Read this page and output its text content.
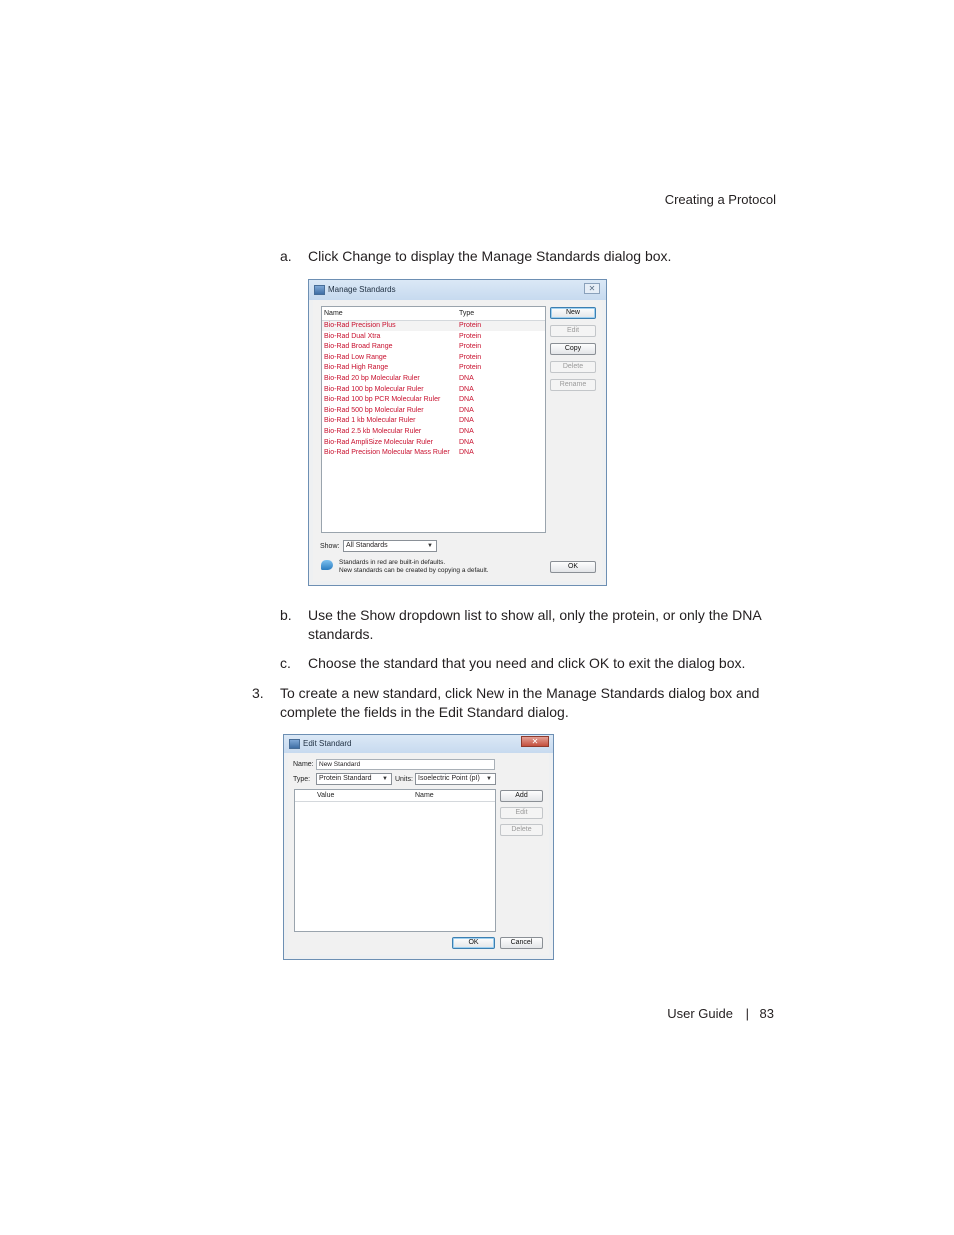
Creating a Protocol
a. Click Change to display the Manage Standards dialog box.
Manage Standards	✕
Name	Type
Bio-Rad Precision Plus	Protein
Bio-Rad Dual Xtra	Protein
Bio-Rad Broad Range	Protein
Bio-Rad Low Range	Protein
Bio-Rad High Range	Protein
Bio-Rad 20 bp Molecular Ruler	DNA
Bio-Rad 100 bp Molecular Ruler	DNA
Bio-Rad 100 bp PCR Molecular Ruler	DNA
Bio-Rad 500 bp Molecular Ruler	DNA
Bio-Rad 1 kb Molecular Ruler	DNA
Bio-Rad 2.5 kb Molecular Ruler	DNA
Bio-Rad AmpliSize Molecular Ruler	DNA
Bio-Rad Precision Molecular Mass Ruler DNA
New
Edit
Copy
Delete
Rename
Show: All Standards	▼
Standards in red are built-in defaults.
New standards can be created by copying a default.
OK
b. Use the Show dropdown list to show all, only the protein, or only the DNA
standards.
c. Choose the standard that you need and click OK to exit the dialog box.
3. To create a new standard, click New in the Manage Standards dialog box and
complete the fields in the Edit Standard dialog.
Edit Standard	✕
Name: New Standard
Type:	Protein Standard ▼ Units: Isoelectric Point (pI) ▼
Value	Name	Add
Edit
Delete
OK	Cancel
User Guide | 83
